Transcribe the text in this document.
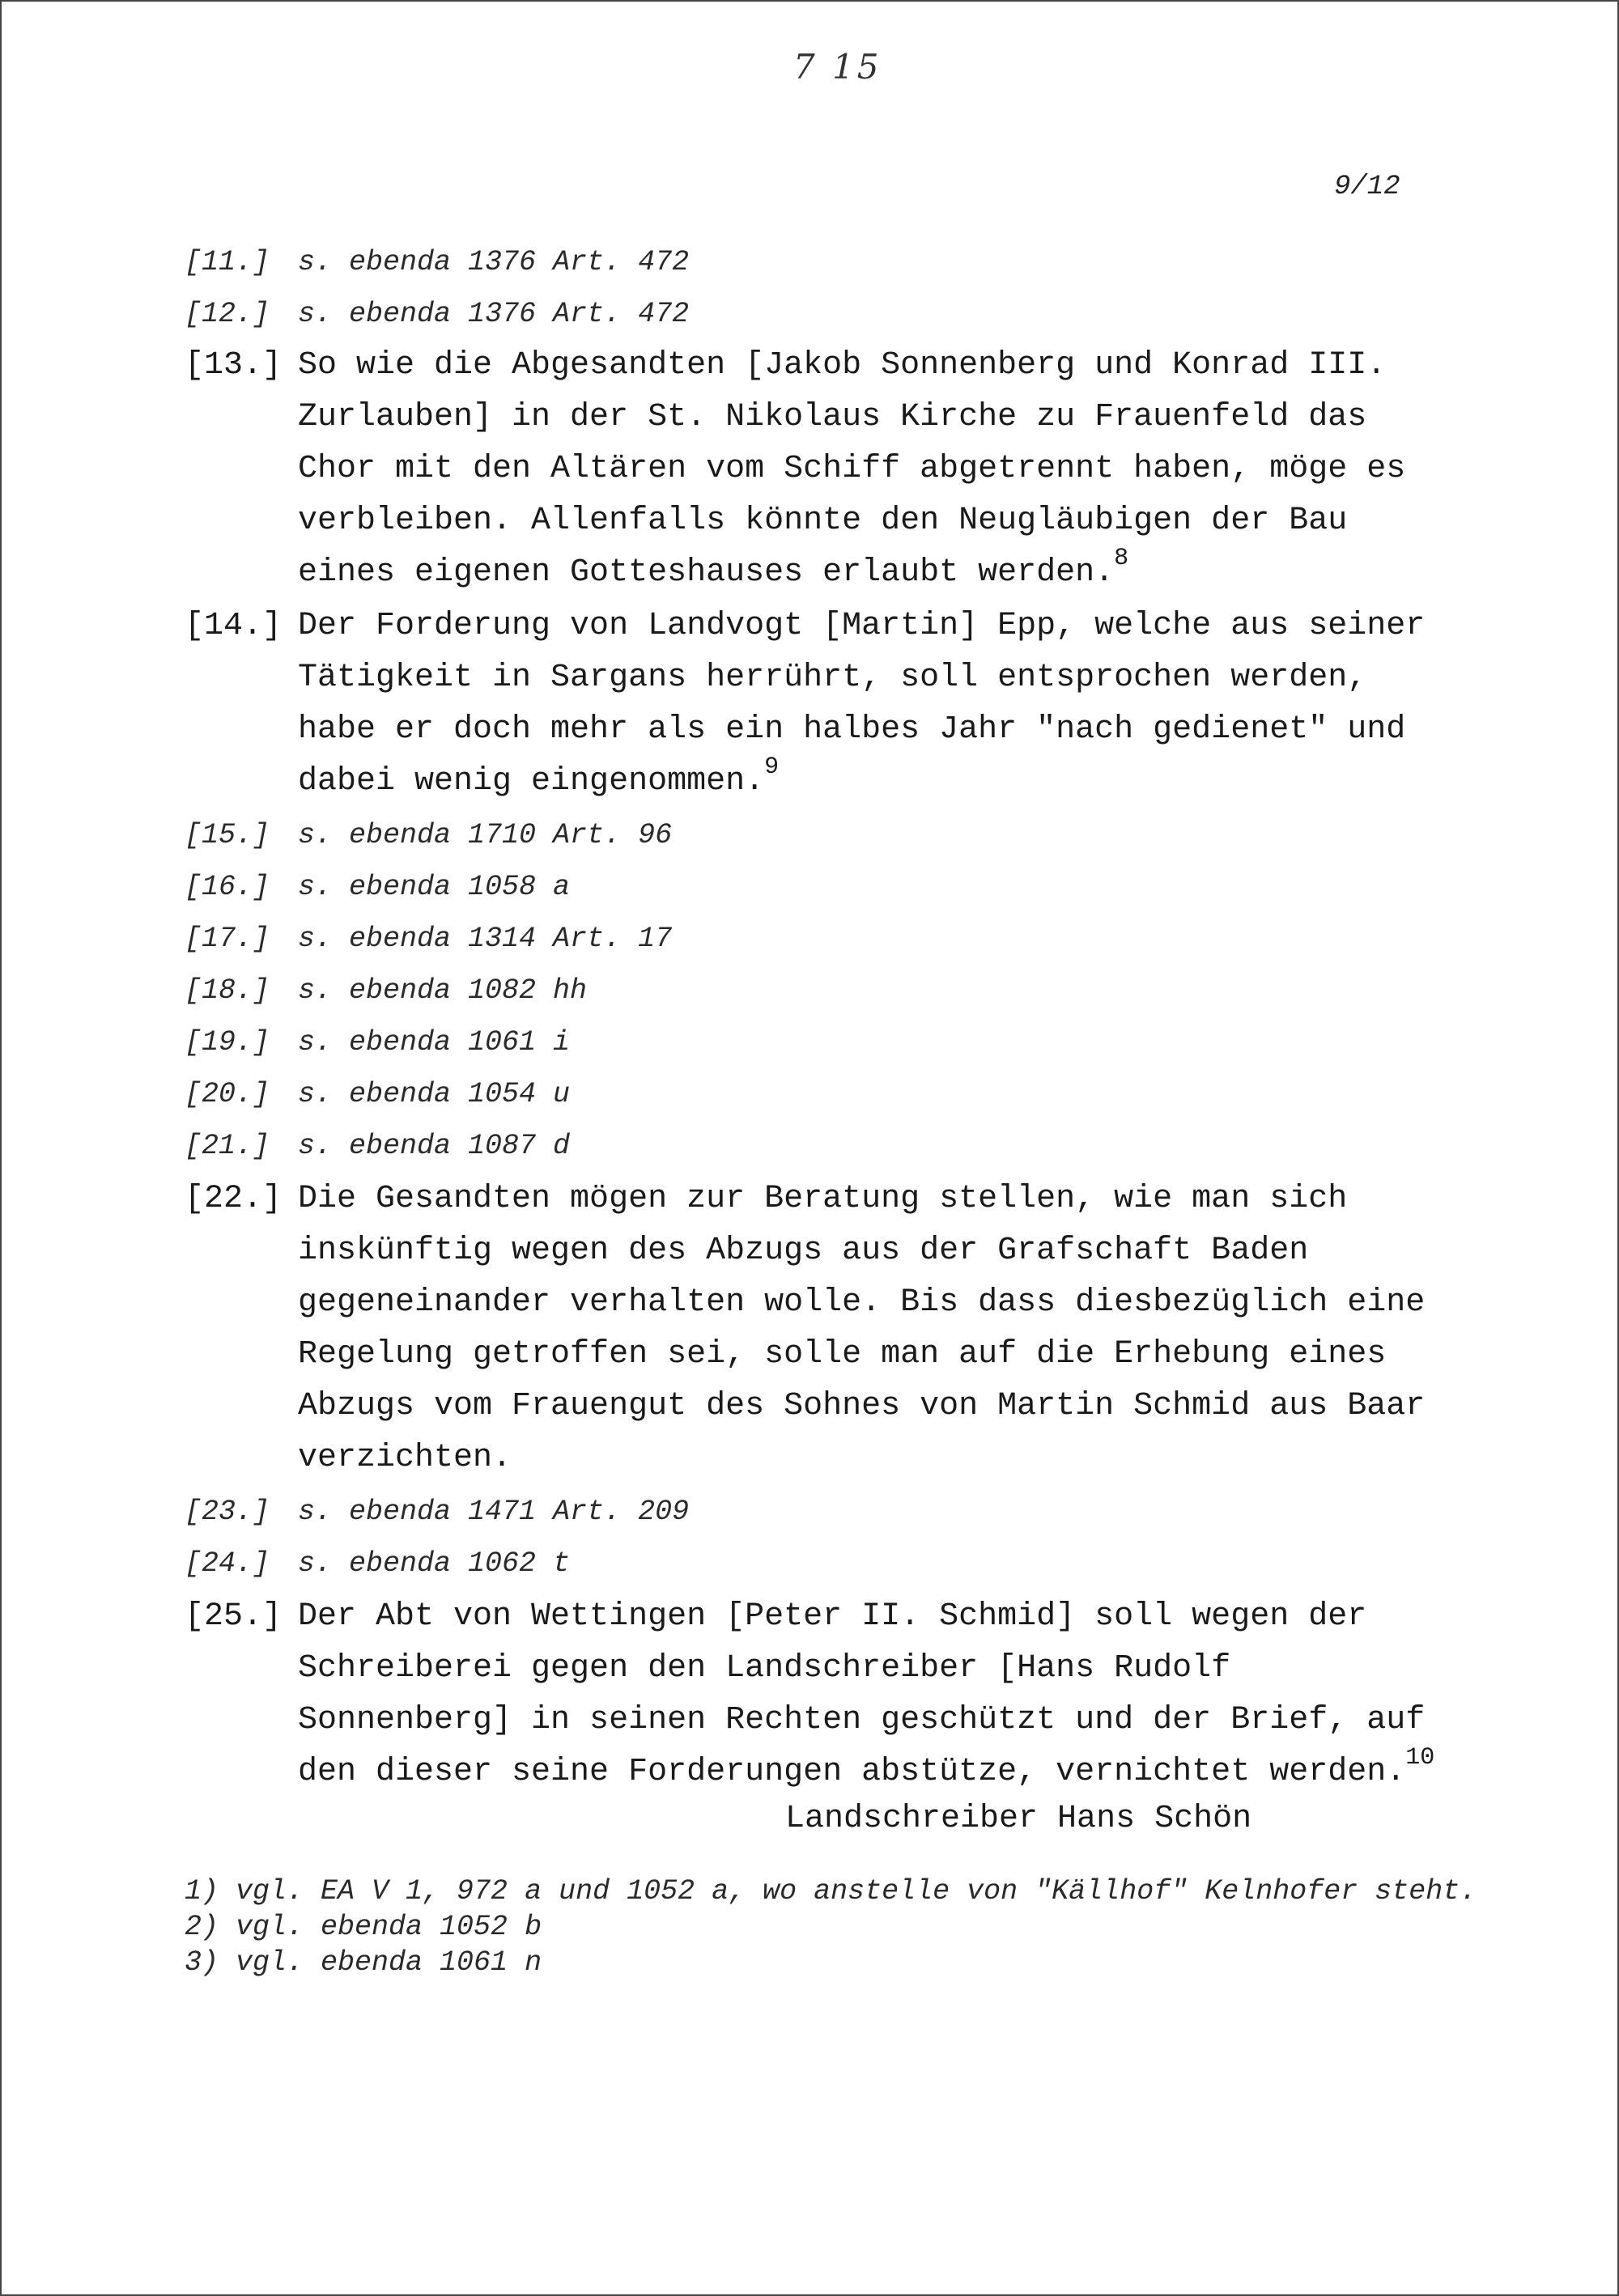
7 15
9/12
[11.] s. ebenda 1376 Art. 472
[12.] s. ebenda 1376 Art. 472
[13.] So wie die Abgesandten [Jakob Sonnenberg und Konrad III. Zurlauben] in der St. Nikolaus Kirche zu Frauenfeld das Chor mit den Altären vom Schiff abgetrennt haben, möge es verbleiben. Allenfalls könnte den Neugläubigen der Bau eines eigenen Gotteshauses erlaubt werden.$^8$
[14.] Der Forderung von Landvogt [Martin] Epp, welche aus seiner Tätigkeit in Sargans herrührt, soll entsprochen werden, habe er doch mehr als ein halbes Jahr "nach gedienet" und dabei wenig eingenommen.$^9$
[15.] s. ebenda 1710 Art. 96
[16.] s. ebenda 1058 a
[17.] s. ebenda 1314 Art. 17
[18.] s. ebenda 1082 hh
[19.] s. ebenda 1061 i
[20.] s. ebenda 1054 u
[21.] s. ebenda 1087 d
[22.] Die Gesandten mögen zur Beratung stellen, wie man sich inskünftig wegen des Abzugs aus der Grafschaft Baden gegeneinander verhalten wolle. Bis dass diesbezüglich eine Regelung getroffen sei, solle man auf die Erhebung eines Abzugs vom Frauengut des Sohnes von Martin Schmid aus Baar verzichten.
[23.] s. ebenda 1471 Art. 209
[24.] s. ebenda 1062 t
[25.] Der Abt von Wettingen [Peter II. Schmid] soll wegen der Schreiberei gegen den Landschreiber [Hans Rudolf Sonnenberg] in seinen Rechten geschützt und der Brief, auf den dieser seine Forderungen abstütze, vernichtet werden.$^{10}$
Landschreiber Hans Schön
1) vgl. EA V 1, 972 a und 1052 a, wo anstelle von "Källhof" Kelnhofer steht.
2) vgl. ebenda 1052 b
3) vgl. ebenda 1061 n
